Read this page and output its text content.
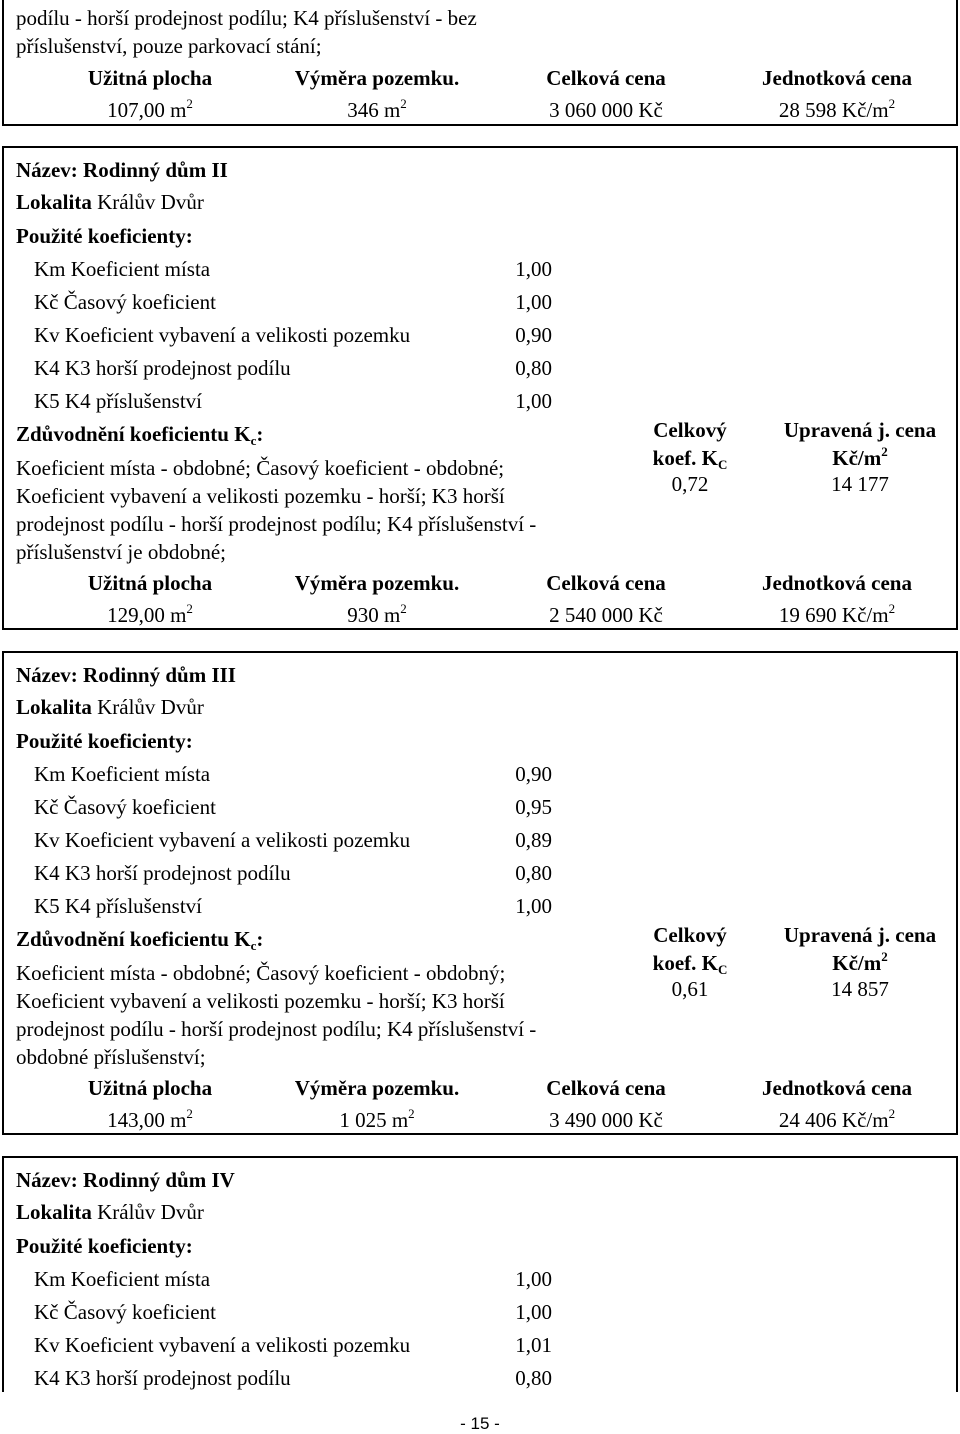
podílu - horší prodejnost podílu; K4 příslušenství - bez
příslušenství, pouze parkovací stání;
Užitná plocha	Výměra pozemku.	Celková cena	Jednotková cena
107,00 $m^2$	346 $m^2$	3 060 000 Kč	28 598 $Kč/m^2$
Název: Rodinný dům II
Lokalita Králův Dvůr
Použité koeficienty:
Km Koeficient místa	1,00
Kč Časový koeficient	1,00
Kv Koeficient vybavení a velikosti pozemku	0,90
K4 K3 horší prodejnost podílu	0,80
K5 K4 příslušenství	1,00
Zdůvodnění koeficientu $K_c$:
Koeficient místa - obdobné; Časový koeficient - obdobné;
Koeficient vybavení a velikosti pozemku - horší; K3 horší
prodejnost podílu - horší prodejnost podílu; K4 příslušenství -
příslušenství je obdobné;
Celkový
koef. $K_C$
0,72
Upravená j. cena
$Kč/m^2$
14 177
Užitná plocha	Výměra pozemku.	Celková cena	Jednotková cena
129,00 $m^2$	930 $m^2$	2 540 000 Kč	19 690 $Kč/m^2$
Název: Rodinný dům III
Lokalita Králův Dvůr
Použité koeficienty:
Km Koeficient místa	0,90
Kč Časový koeficient	0,95
Kv Koeficient vybavení a velikosti pozemku	0,89
K4 K3 horší prodejnost podílu	0,80
K5 K4 příslušenství	1,00
Zdůvodnění koeficientu $K_c$:
Koeficient místa - obdobné; Časový koeficient - obdobný;
Koeficient vybavení a velikosti pozemku - horší; K3 horší
prodejnost podílu - horší prodejnost podílu; K4 příslušenství -
obdobné příslušenství;
Celkový
koef. $K_C$
0,61
Upravená j. cena
$Kč/m^2$
14 857
Užitná plocha	Výměra pozemku.	Celková cena	Jednotková cena
143,00 $m^2$	1 025 $m^2$	3 490 000 Kč	24 406 $Kč/m^2$
Název: Rodinný dům IV
Lokalita Králův Dvůr
Použité koeficienty:
Km Koeficient místa	1,00
Kč Časový koeficient	1,00
Kv Koeficient vybavení a velikosti pozemku	1,01
K4 K3 horší prodejnost podílu	0,80
- 15 -
